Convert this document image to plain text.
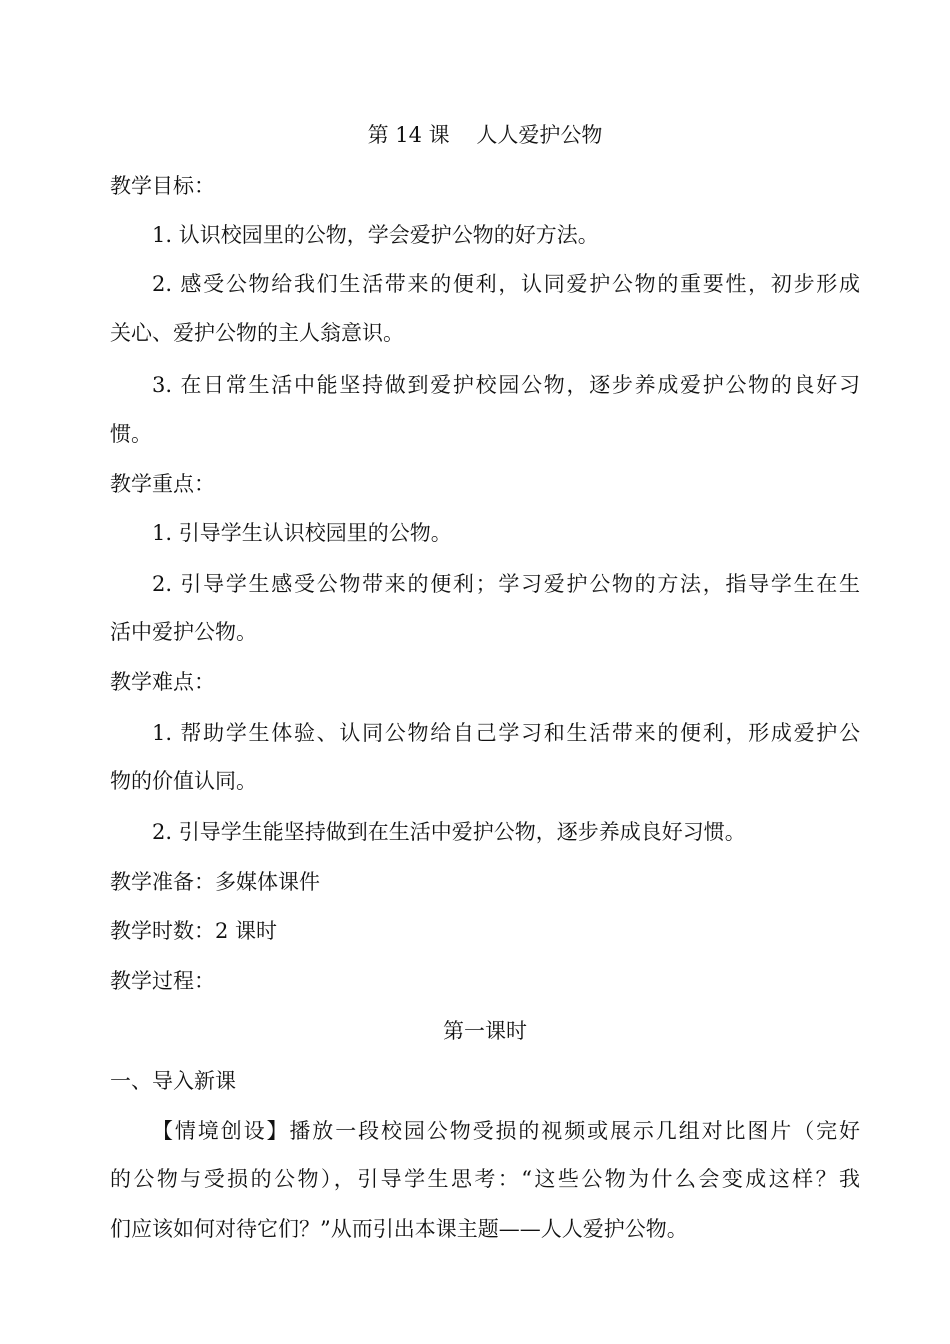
第 14 课    人人爱护公物
教学目标：
1. 认识校园里的公物，学会爱护公物的好方法。
2. 感受公物给我们生活带来的便利，认同爱护公物的重要性，初步形成
关心、爱护公物的主人翁意识。
3. 在日常生活中能坚持做到爱护校园公物，逐步养成爱护公物的良好习
惯。
教学重点：
1. 引导学生认识校园里的公物。
2. 引导学生感受公物带来的便利；学习爱护公物的方法，指导学生在生
活中爱护公物。
教学难点：
1. 帮助学生体验、认同公物给自己学习和生活带来的便利，形成爱护公
物的价值认同。
2. 引导学生能坚持做到在生活中爱护公物，逐步养成良好习惯。
教学准备：多媒体课件
教学时数：2 课时
教学过程：
第一课时
一、导入新课
【情境创设】播放一段校园公物受损的视频或展示几组对比图片（完好
的公物与受损的公物），引导学生思考：“这些公物为什么会变成这样？我
们应该如何对待它们？”从而引出本课主题——人人爱护公物。
